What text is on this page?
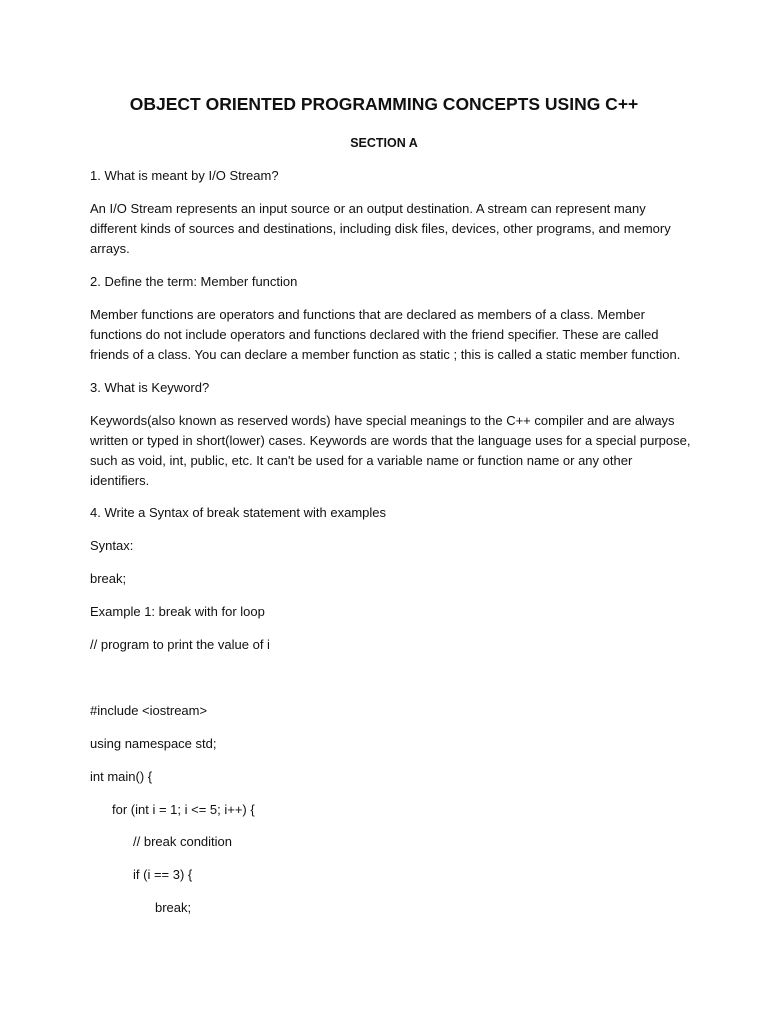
OBJECT ORIENTED PROGRAMMING CONCEPTS USING C++
SECTION A
1. What is meant by I/O Stream?
An I/O Stream represents an input source or an output destination. A stream can represent many
different kinds of sources and destinations, including disk files, devices, other programs, and memory
arrays.
2. Define the term: Member function
Member functions are operators and functions that are declared as members of a class. Member
functions do not include operators and functions declared with the friend specifier. These are called
friends of a class. You can declare a member function as static ; this is called a static member function.
3. What is Keyword?
Keywords(also known as reserved words) have special meanings to the C++ compiler and are always
written or typed in short(lower) cases. Keywords are words that the language uses for a special purpose,
such as void, int, public, etc. It can't be used for a variable name or function name or any other
identifiers.
4. Write a Syntax of break statement with examples
Syntax:
break;
Example 1: break with for loop
// program to print the value of i
#include <iostream>
using namespace std;
int main() {
for (int i = 1; i <= 5; i++) {
// break condition
if (i == 3) {
break;
